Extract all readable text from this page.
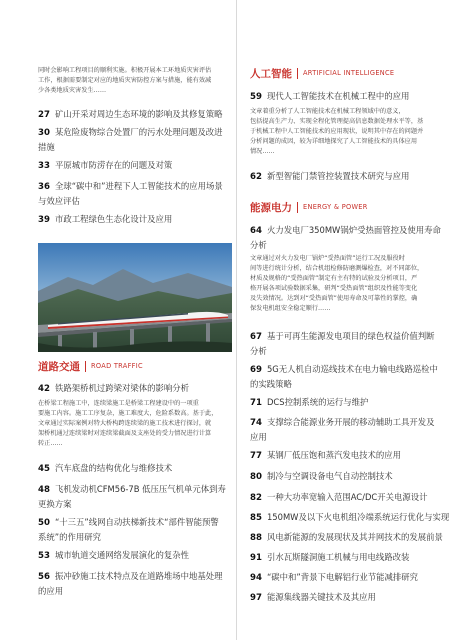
同时会影响工程项目的顺利实施。积极开展本工环地质灾害评估
工作，根据需要制定对应的地质灾害防控方案与措施，能有效减
少各类地质灾害发生……
27 矿山开采对周边生态环境的影响及其修复策略
30 某危险废物综合处置厂的污水处理问题及改进
措施
33 平原城市防涝存在的问题及对策
36 全球“碳中和”进程下人工智能技术的应用场景
与效应评估
39 市政工程绿色生态化设计及应用
道路交通 ROAD TRAFFIC
42 铁路架桥机过跨梁对梁体的影响分析
在桥梁工程施工中，连续梁施工是桥梁工程建设中的一项重
要施工内容。施工工序复杂，施工难度大，危险系数高。基于此，
文章通过实际案例对特大桥构跨连续梁的施工技术进行探讨，就
架桥机通过连续梁时对连续梁截面及支座处的受力情况进行计算
转正……
45 汽车底盘的结构优化与维修技术
48 飞机发动机CFM56-7B 低压压气机单元体到寿
更换方案
50 “十三五”线网自动扶梯新技术“部件智能预警
系统”的作用研究
53 城市轨道交通网络发展演化的复杂性
56 振冲砂施工技术特点及在道路堆场中地基处理
的应用
人工智能 ARTIFICIAL INTELLIGENCE
59 现代人工智能技术在机械工程中的应用
文章着重分析了人工智能技术在机械工程领域中的意义，
包括提高生产力、实现全程化管理提高信息数据处理水平等，基
于机械工程中人工智能技术的应用现状，说明其中存在的问题并
分析问题的成因，较为详细地探究了人工智能技术的具体应用
情况……
62 新型智能门禁管控装置技术研究与应用
能源电力 ENERGY & POWER
64 火力发电厂350MW锅炉受热面管控及使用寿命
分析
文章通过对火力发电厂锅炉“受热面管”运行工况及服役时
间等进行统计分析，结合机组检修防磨测爆检查，对不同部位，
材质及规格的“受热面管”制定有主有特的试验及分析项目，严
格开展各项试验数据采集，研判“受热面管”组织及性能等变化
及失效情况。达到对“受热面管”使用寿命及可靠性的掌控，确
保发电机组安全稳定顺行……
67 基于可再生能源发电项目的绿色权益价值判断
分析
69 5G无人机自动巡线技术在电力输电线路巡检中
的实践策略
71 DCS控制系统的运行与维护
74 支撑综合能源业务开展的移动辅助工具开发及
应用
77 某钢厂低压饱和蒸汽发电技术的应用
80 制冷与空调设备电气自动控制技术
82 一种大功率宽输入范围AC/DC开关电源设计
85 150MW及以下火电机组冷端系统运行优化与实现
88 风电新能源的发展现状及其并网技术的发展前景
91 引水瓦斯隧洞施工机械与用电线路改装
94 “碳中和”背景下电解铝行业节能减排研究
97 能源集线器关键技术及其应用
